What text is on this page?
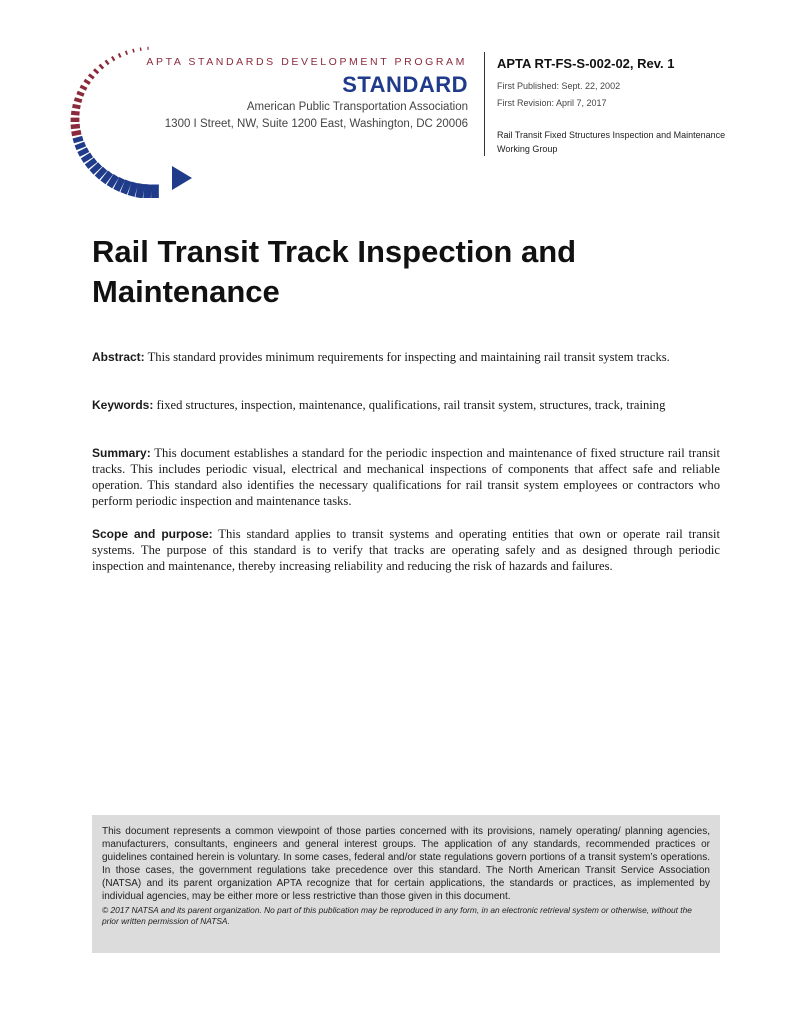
APTA STANDARDS DEVELOPMENT PROGRAM
STANDARD
American Public Transportation Association
1300 I Street, NW, Suite 1200 East, Washington, DC 20006
APTA RT-FS-S-002-02, Rev. 1
First Published: Sept. 22, 2002
First Revision: April 7, 2017
Rail Transit Fixed Structures Inspection and Maintenance Working Group
Rail Transit Track Inspection and Maintenance
Abstract: This standard provides minimum requirements for inspecting and maintaining rail transit system tracks.
Keywords: fixed structures, inspection, maintenance, qualifications, rail transit system, structures, track, training
Summary: This document establishes a standard for the periodic inspection and maintenance of fixed structure rail transit tracks. This includes periodic visual, electrical and mechanical inspections of components that affect safe and reliable operation. This standard also identifies the necessary qualifications for rail transit system employees or contractors who perform periodic inspection and maintenance tasks.
Scope and purpose: This standard applies to transit systems and operating entities that own or operate rail transit systems. The purpose of this standard is to verify that tracks are operating safely and as designed through periodic inspection and maintenance, thereby increasing reliability and reducing the risk of hazards and failures.
This document represents a common viewpoint of those parties concerned with its provisions, namely operating/ planning agencies, manufacturers, consultants, engineers and general interest groups. The application of any standards, recommended practices or guidelines contained herein is voluntary. In some cases, federal and/or state regulations govern portions of a transit system’s operations. In those cases, the government regulations take precedence over this standard. The North American Transit Service Association (NATSA) and its parent organization APTA recognize that for certain applications, the standards or practices, as implemented by individual agencies, may be either more or less restrictive than those given in this document.
© 2017 NATSA and its parent organization. No part of this publication may be reproduced in any form, in an electronic retrieval system or otherwise, without the prior written permission of NATSA.
